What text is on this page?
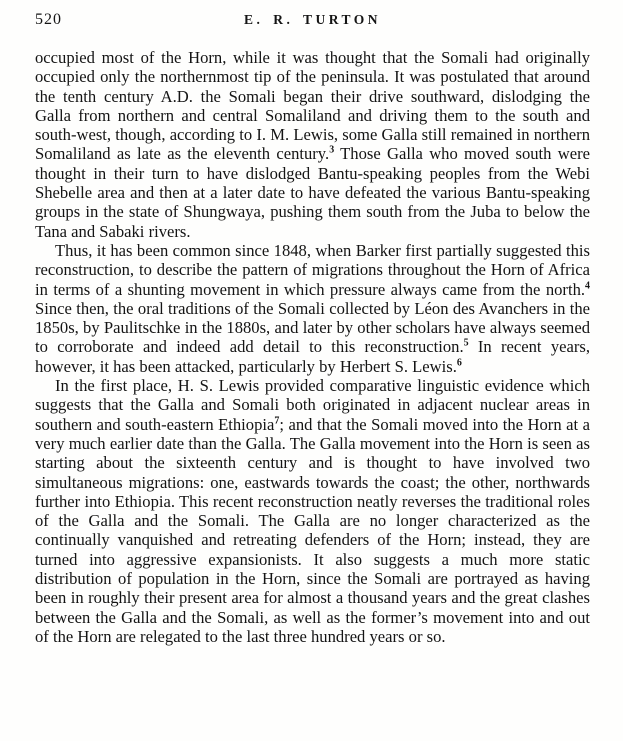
520	E. R. TURTON

occupied most of the Horn, while it was thought that the Somali had originally occupied only the northernmost tip of the peninsula. It was postulated that around the tenth century A.D. the Somali began their drive southward, dislodging the Galla from northern and central Somaliland and driving them to the south and south-west, though, according to I. M. Lewis, some Galla still remained in northern Somaliland as late as the eleventh century.$^3$ Those Galla who moved south were thought in their turn to have dislodged Bantu-speaking peoples from the Webi Shebelle area and then at a later date to have defeated the various Bantu-speaking groups in the state of Shungwaya, pushing them south from the Juba to below the Tana and Sabaki rivers.

Thus, it has been common since 1848, when Barker first partially suggested this reconstruction, to describe the pattern of migrations throughout the Horn of Africa in terms of a shunting movement in which pressure always came from the north.$^4$ Since then, the oral traditions of the Somali collected by Léon des Avanchers in the 1850s, by Paulitschke in the 1880s, and later by other scholars have always seemed to corroborate and indeed add detail to this reconstruction.$^5$ In recent years, however, it has been attacked, particularly by Herbert S. Lewis.$^6$

In the first place, H. S. Lewis provided comparative linguistic evidence which suggests that the Galla and Somali both originated in adjacent nuclear areas in southern and south-eastern Ethiopia$^7$; and that the Somali moved into the Horn at a very much earlier date than the Galla. The Galla movement into the Horn is seen as starting about the sixteenth century and is thought to have involved two simultaneous migrations: one, eastwards towards the coast; the other, northwards further into Ethiopia. This recent reconstruction neatly reverses the traditional roles of the Galla and the Somali. The Galla are no longer characterized as the continually vanquished and retreating defenders of the Horn; instead, they are turned into aggressive expansionists. It also suggests a much more static distribution of population in the Horn, since the Somali are portrayed as having been in roughly their present area for almost a thousand years and the great clashes between the Galla and the Somali, as well as the former’s movement into and out of the Horn are relegated to the last three hundred years or so.
